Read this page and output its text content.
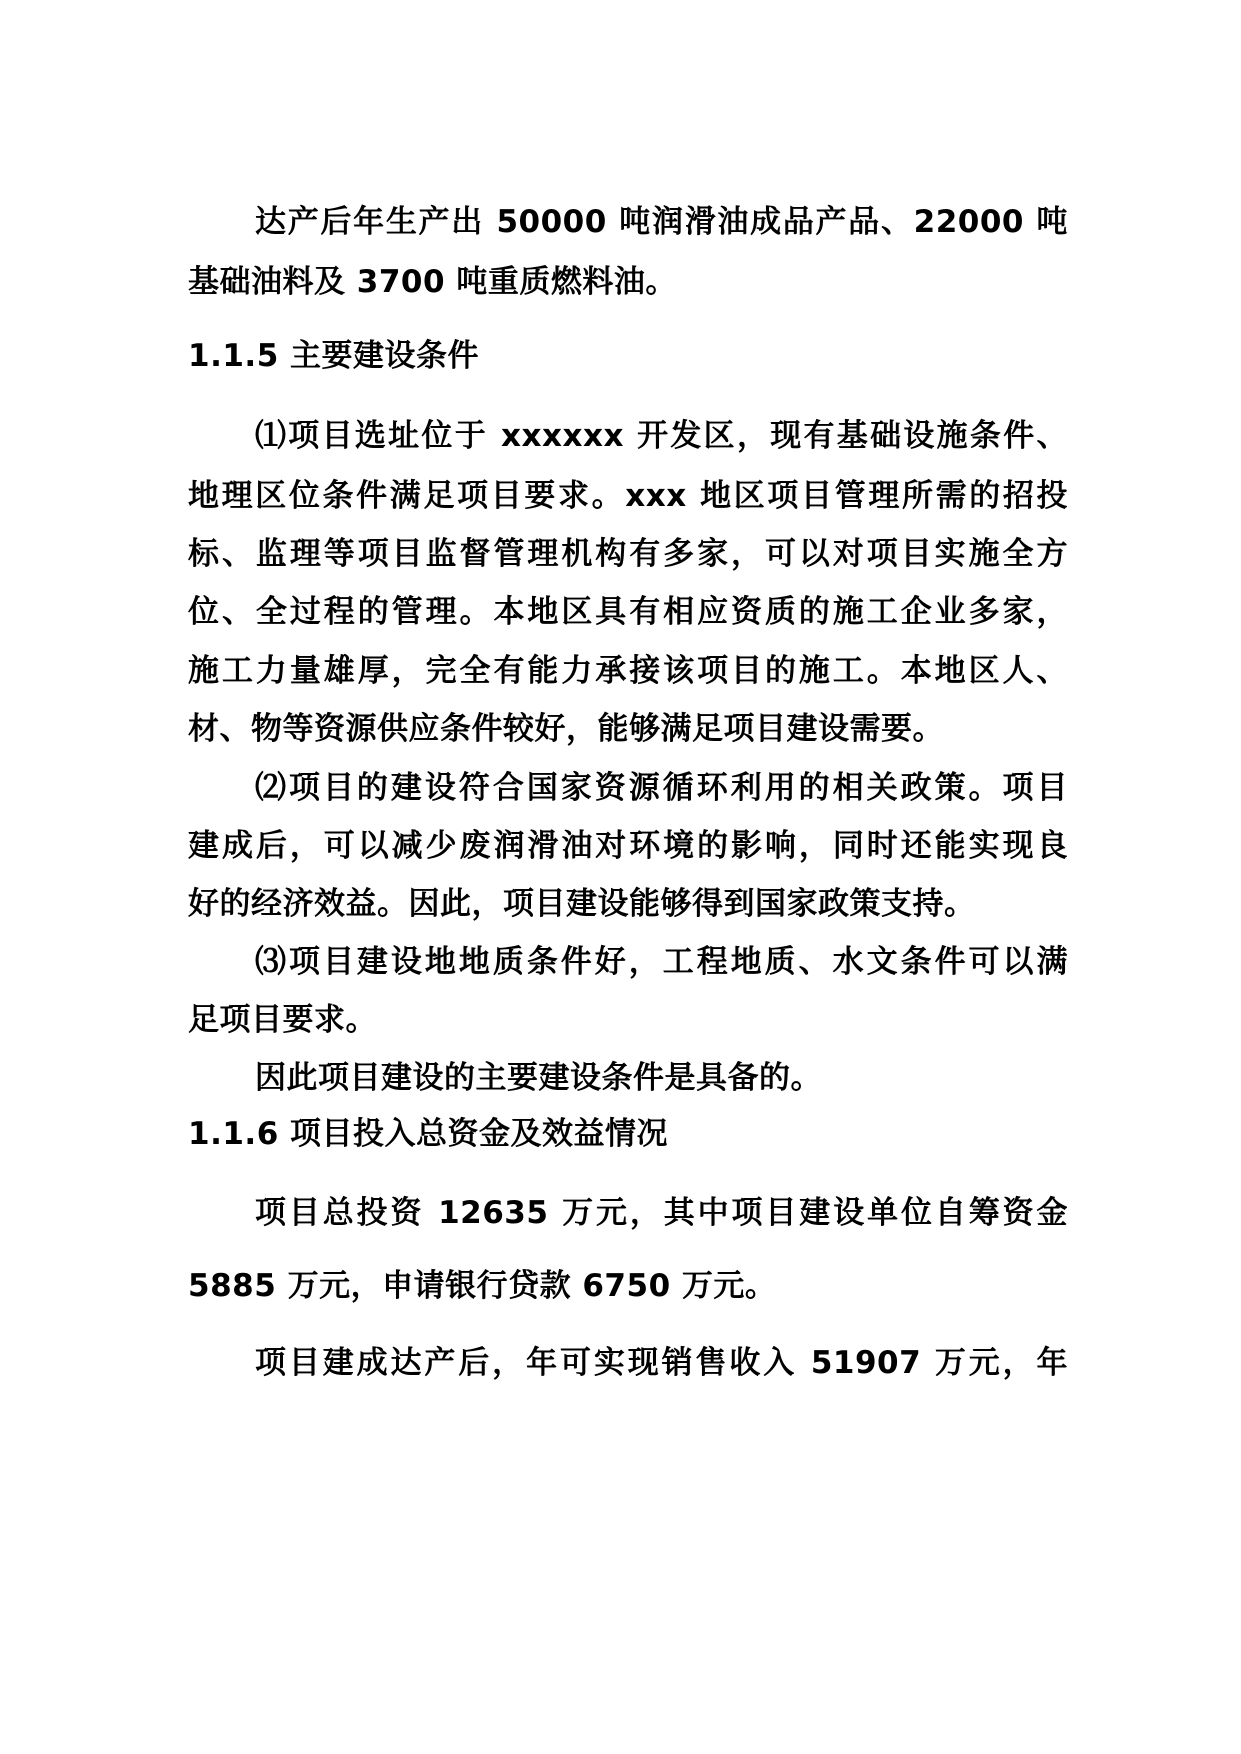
达产后年生产出 50000 吨润滑油成品产品、22000 吨
基础油料及 3700 吨重质燃料油。
1.1.5 主要建设条件
⑴项目选址位于 xxxxxx 开发区，现有基础设施条件、
地理区位条件满足项目要求。xxx 地区项目管理所需的招投
标、监理等项目监督管理机构有多家，可以对项目实施全方
位、全过程的管理。本地区具有相应资质的施工企业多家，
施工力量雄厚，完全有能力承接该项目的施工。本地区人、
材、物等资源供应条件较好，能够满足项目建设需要。
⑵项目的建设符合国家资源循环利用的相关政策。项目
建成后，可以减少废润滑油对环境的影响，同时还能实现良
好的经济效益。因此，项目建设能够得到国家政策支持。
⑶项目建设地地质条件好，工程地质、水文条件可以满
足项目要求。
因此项目建设的主要建设条件是具备的。
1.1.6 项目投入总资金及效益情况
项目总投资 12635 万元，其中项目建设单位自筹资金
5885 万元，申请银行贷款 6750 万元。
项目建成达产后，年可实现销售收入 51907 万元，年
